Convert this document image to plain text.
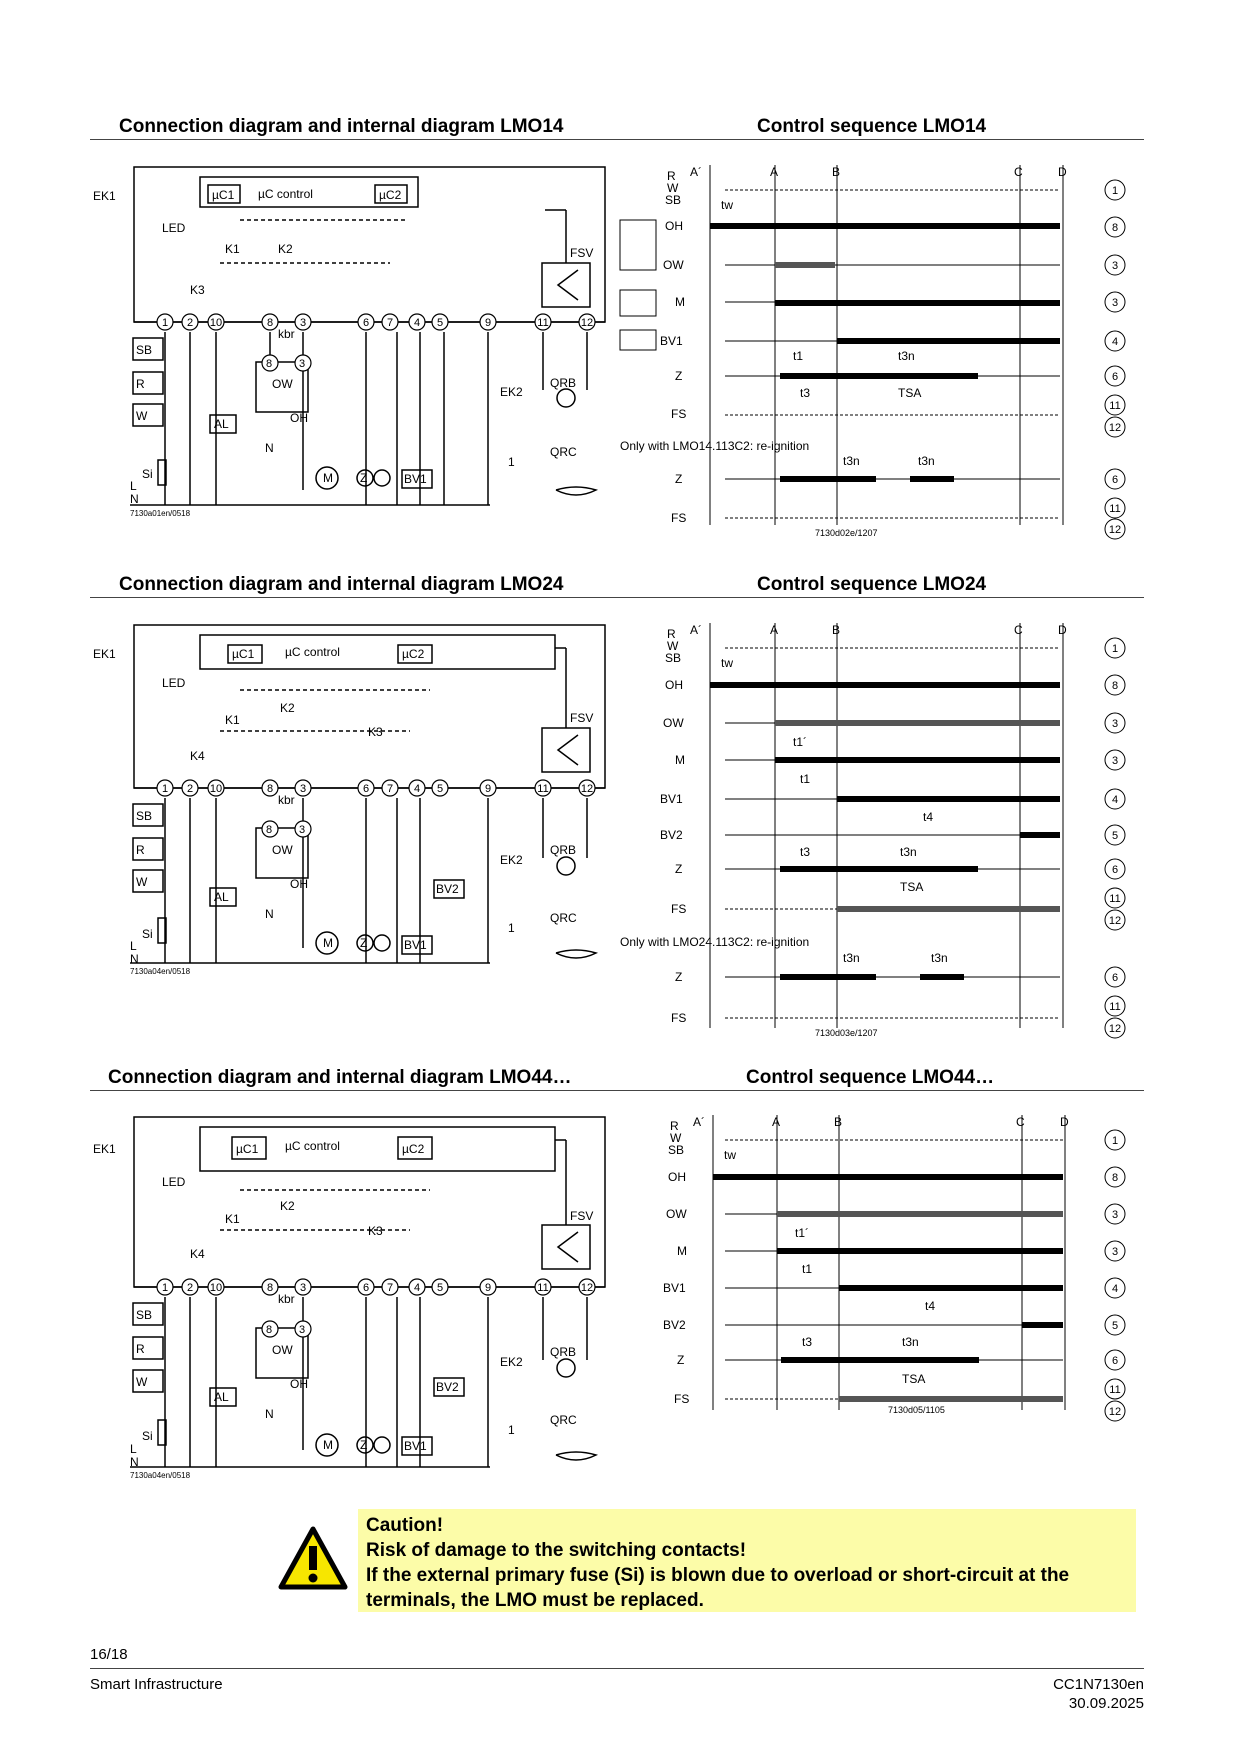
Connection diagram and internal diagram LMO14	Control sequence LMO14
EK1
LED
µC1 µC control	µC2
K1	K2
K3
FSV
kbr
SB
R
W
AL
OW
OH
N
Si
L
N
M Z	BV1
EK2
QRB
QRC
1
8 3
7130a01en/0518
1 2 10	8 3	6 7 4 5	9	11	12
A´	A	B	C	D
R
W
SB	tw
OH
OW
M
BV1
Z
FS
t1	t3n
t3	TSA
Only with LMO14.113C2: re-ignition
t3n	t3n
Z
FS
7130d02e/1207
1
8
3
3
4
6
11
12
6
11
12
Connection diagram and internal diagram LMO24	Control sequence LMO24
EK1
LED
µC1	µC control	µC2
K1
K2
K3
K4
FSV
kbr
SB
R
W
AL
OW
OH
N
Si
L
N
M Z	BV1
BV2
EK2
QRB
QRC
1
8 3
7130a04en/0518
1 2 10	8 3	6 7 4 5	9	11	12
A´	A	B	C	D
R
W
SB	tw
OH
OW
t1´
M
t1
BV1
t4
BV2
t3	t3n
Z
TSA
FS
Only with LMO24.113C2: re-ignition
t3n	t3n
Z
FS
7130d03e/1207
1
8
3
3
4
5
6
11
12
6
11
12
Connection diagram and internal diagram LMO44…	Control sequence LMO44…
EK1
LED
µC1 µC control	µC2
K1
K2
K3
K4
FSV
kbr
SB
R
W
AL
OW
OH
N
Si
L
N
M Z	BV1
BV2
EK2
QRB
QRC
1
8 3
7130a04en/0518
1 2 10	8 3	6 7 4 5	9	11	12
A´	A	B	C	D
R
W
SB	tw
OH
OW
t1´
M
t1
BV1
t4
BV2
t3	t3n
Z
TSA
FS
7130d05/1105
1
8
3
3
4
5
6
11
12
Caution!
Risk of damage to the switching contacts!
If the external primary fuse (Si) is blown due to overload or short-circuit at the
terminals, the LMO must be replaced.
16/18
Smart Infrastructure	CC1N7130en
30.09.2025
